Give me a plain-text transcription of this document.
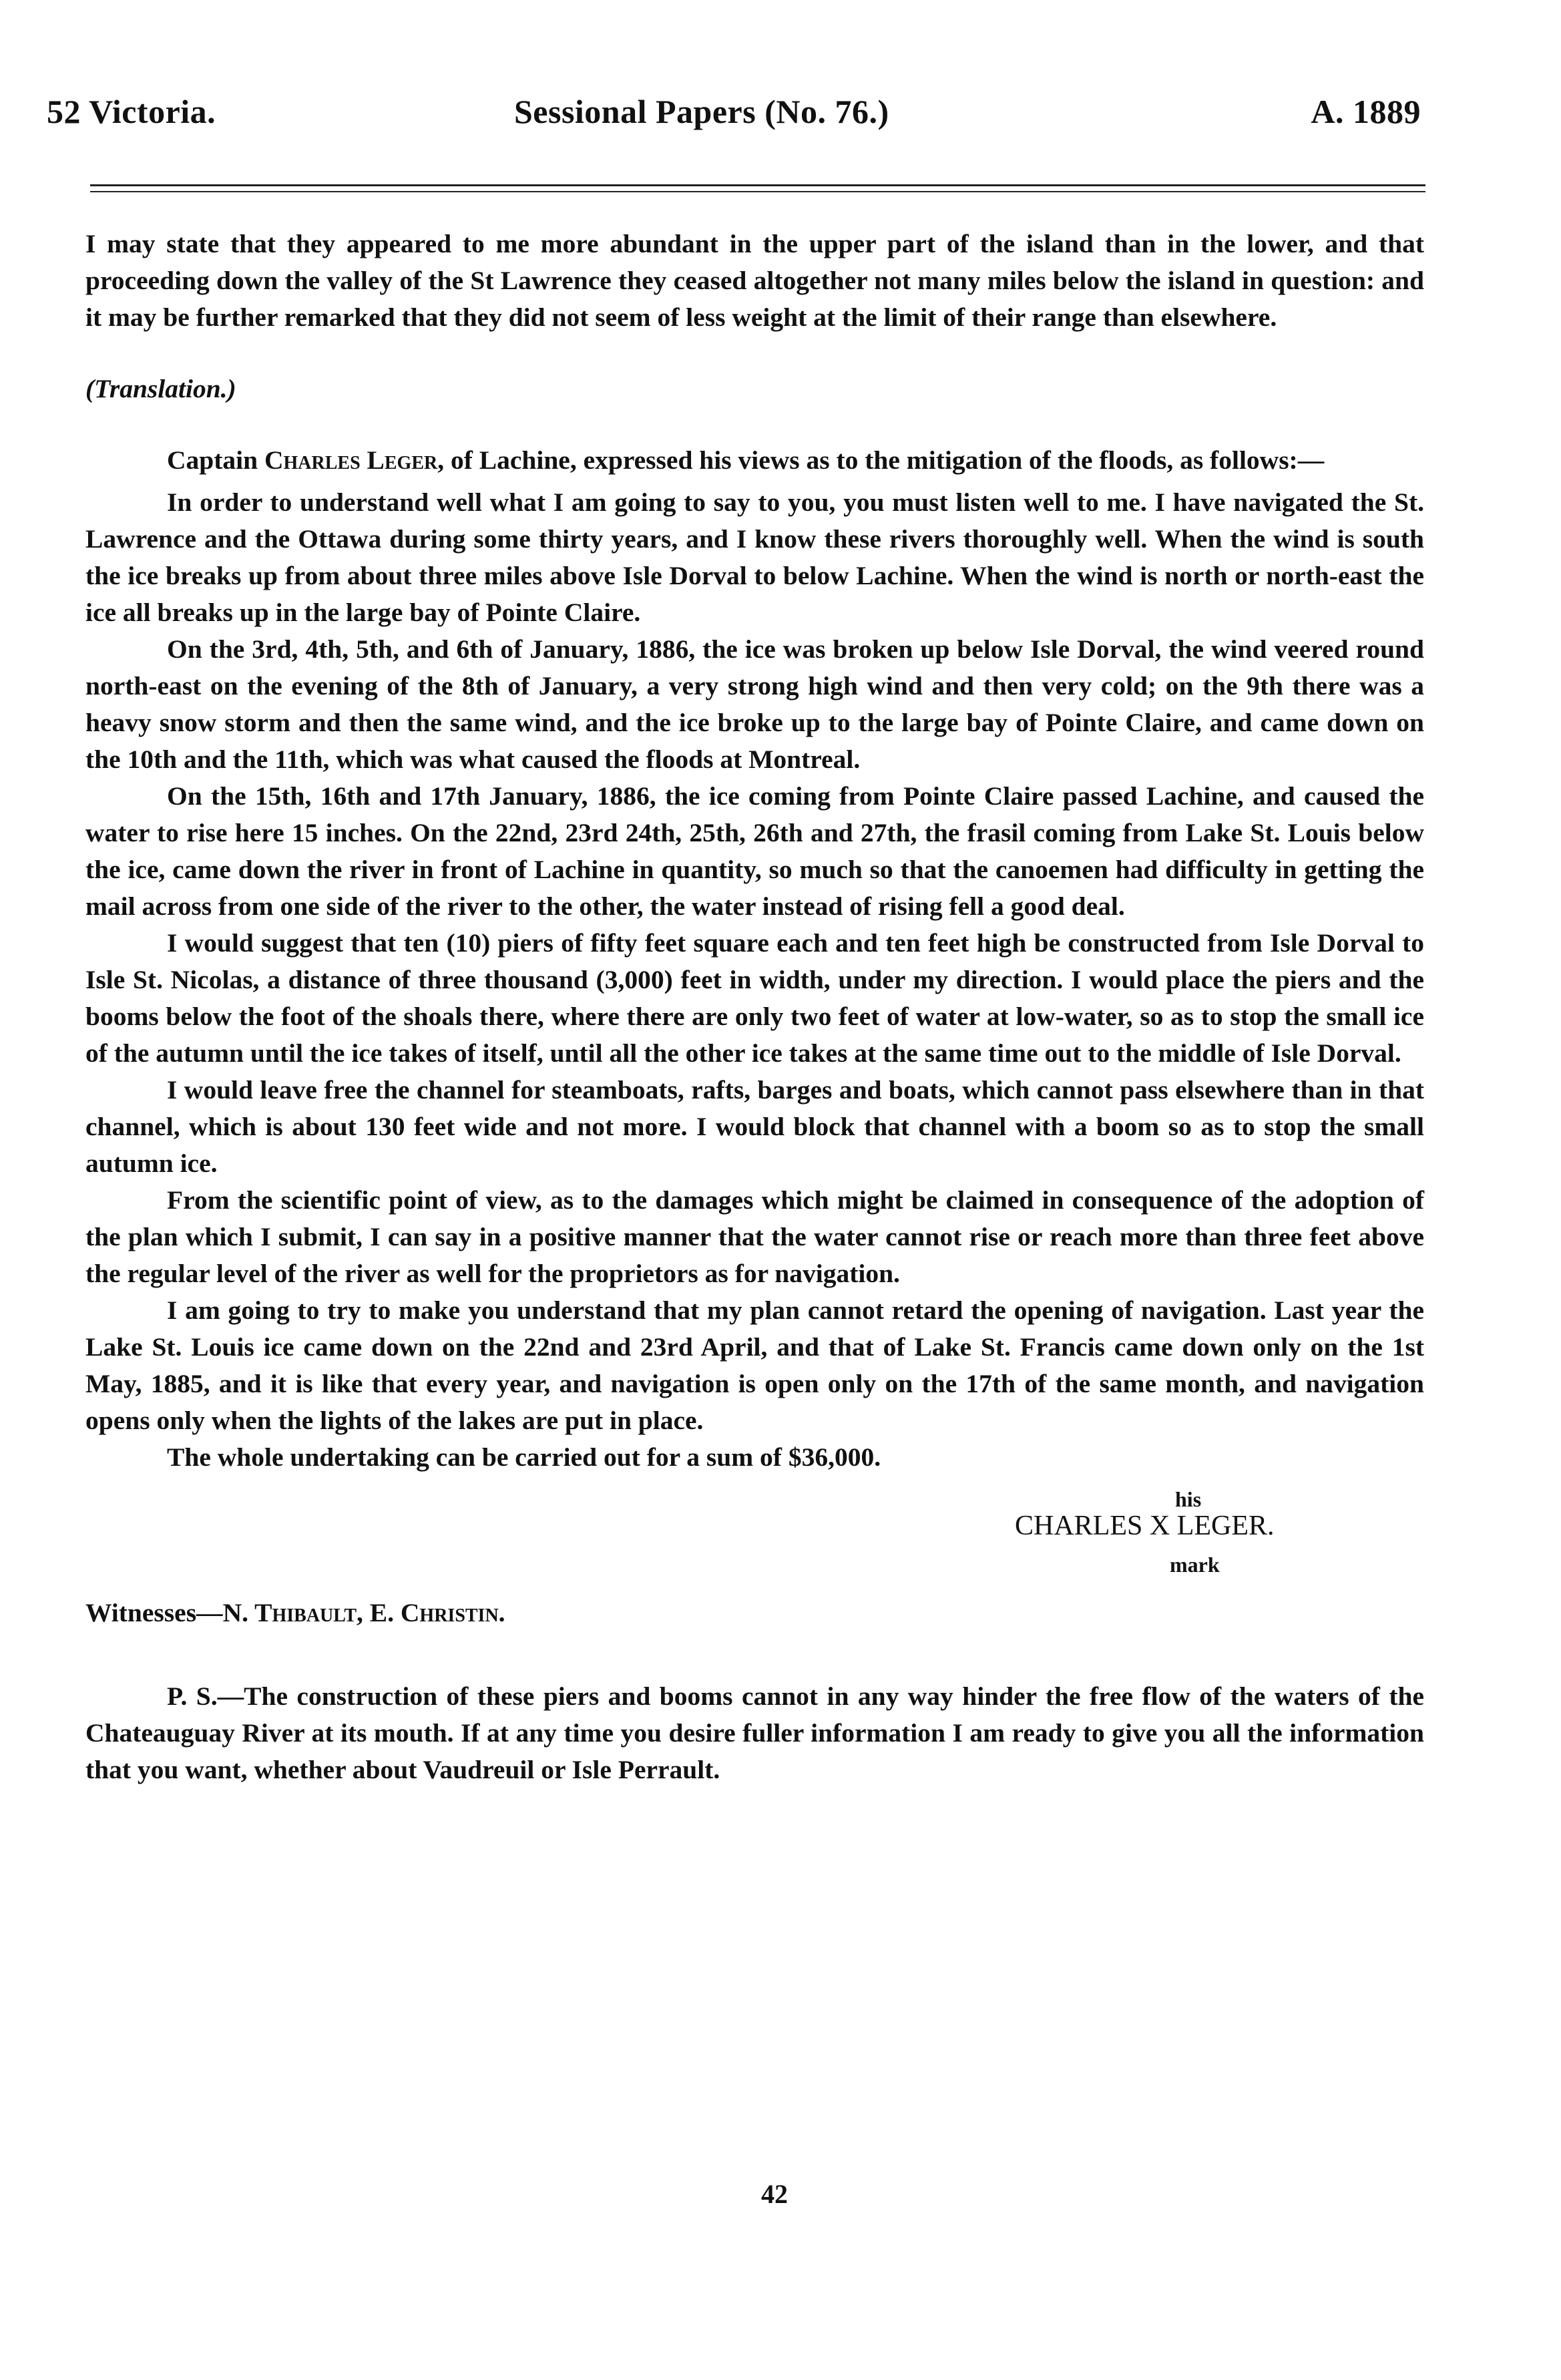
52 Victoria.	Sessional Papers (No. 76.)	A. 1889

I may state that they appeared to me more abundant in the upper part of the island than in the lower, and that proceeding down the valley of the St Lawrence they ceased altogether not many miles below the island in question: and it may be further remarked that they did not seem of less weight at the limit of their range than elsewhere.

(Translation.)

Captain Charles Leger, of Lachine, expressed his views as to the mitigation of the floods, as follows:—

In order to understand well what I am going to say to you, you must listen well to me. I have navigated the St. Lawrence and the Ottawa during some thirty years, and I know these rivers thoroughly well. When the wind is south the ice breaks up from about three miles above Isle Dorval to below Lachine. When the wind is north or north-east the ice all breaks up in the large bay of Pointe Claire.

On the 3rd, 4th, 5th, and 6th of January, 1886, the ice was broken up below Isle Dorval, the wind veered round north-east on the evening of the 8th of January, a very strong high wind and then very cold; on the 9th there was a heavy snow storm and then the same wind, and the ice broke up to the large bay of Pointe Claire, and came down on the 10th and the 11th, which was what caused the floods at Montreal.

On the 15th, 16th and 17th January, 1886, the ice coming from Pointe Claire passed Lachine, and caused the water to rise here 15 inches. On the 22nd, 23rd 24th, 25th, 26th and 27th, the frasil coming from Lake St. Louis below the ice, came down the river in front of Lachine in quantity, so much so that the canoemen had difficulty in getting the mail across from one side of the river to the other, the water instead of rising fell a good deal.

I would suggest that ten (10) piers of fifty feet square each and ten feet high be constructed from Isle Dorval to Isle St. Nicolas, a distance of three thousand (3,000) feet in width, under my direction. I would place the piers and the booms below the foot of the shoals there, where there are only two feet of water at low-water, so as to stop the small ice of the autumn until the ice takes of itself, until all the other ice takes at the same time out to the middle of Isle Dorval.

I would leave free the channel for steamboats, rafts, barges and boats, which cannot pass elsewhere than in that channel, which is about 130 feet wide and not more. I would block that channel with a boom so as to stop the small autumn ice.

From the scientific point of view, as to the damages which might be claimed in consequence of the adoption of the plan which I submit, I can say in a positive manner that the water cannot rise or reach more than three feet above the regular level of the river as well for the proprietors as for navigation.

I am going to try to make you understand that my plan cannot retard the opening of navigation. Last year the Lake St. Louis ice came down on the 22nd and 23rd April, and that of Lake St. Francis came down only on the 1st May, 1885, and it is like that every year, and navigation is open only on the 17th of the same month, and navigation opens only when the lights of the lakes are put in place.

The whole undertaking can be carried out for a sum of $36,000.

his
CHARLES X LEGER.
mark

Witnesses—N. Thibault, E. Christin.

P. S.—The construction of these piers and booms cannot in any way hinder the free flow of the waters of the Chateauguay River at its mouth. If at any time you desire fuller information I am ready to give you all the information that you want, whether about Vaudreuil or Isle Perrault.

42
